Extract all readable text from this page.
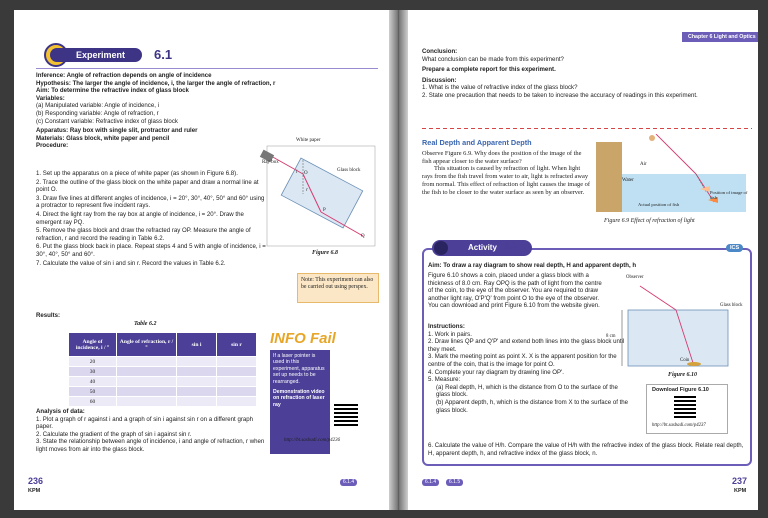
Experiment	6.1
Inference: Angle of refraction depends on angle of incidence
Hypothesis: The larger the angle of incidence, i, the larger the angle of refraction, r
Aim: To determine the refractive index of glass block
Variables:
(a) Manipulated variable: Angle of incidence, i
(b) Responding variable: Angle of refraction, r
(c) Constant variable: Refractive index of glass block
Apparatus: Ray box with single slit, protractor and ruler
Materials: Glass block, white paper and pencil
Procedure:
1. Set up the apparatus on a piece of white paper (as shown in Figure 6.8).
2. Trace the outline of the glass block on the white paper and draw a normal line at point O.
3. Draw five lines at different angles of incidence, i = 20°, 30°, 40°, 50° and 60° using a protractor to represent five incident rays.
4. Direct the light ray from the ray box at angle of incidence, i = 20°. Draw the emergent ray PQ.
5. Remove the glass block and draw the refracted ray OP. Measure the angle of refraction, r and record the reading in Table 6.2.
6. Put the glass block back in place. Repeat steps 4 and 5 with angle of incidence, i = 30°, 40°, 50° and 60°.
7. Calculate the value of sin i and sin r. Record the values in Table 6.2.
White paper
Ray box
Glass block
O
P
Q
i
r
Figure 6.8
Note: This experiment can also be carried out using perspex.
Results:
Table 6.2
Angle of incidence, i / °	Angle of refraction, r / °	sin i	sin r
20			
30			
40			
50			
60			
INFO Fail
If a laser pointer is used in this experiment, apparatus set up needs to be rearranged.
Demonstration video on refraction of laser ray
http://bt.sasbadi.com/p4236
Analysis of data:
1. Plot a graph of r against i and a graph of sin i against sin r on a different graph paper.
2. Calculate the gradient of the graph of sin i against sin r.
3. State the relationship between angle of incidence, i and angle of refraction, r when light moves from air into the glass block.
236
KPM
6.1.4
Chapter 6 Light and Optics
Conclusion:
What conclusion can be made from this experiment?
Prepare a complete report for this experiment.
Discussion:
1. What is the value of refractive index of the glass block?
2. State one precaution that needs to be taken to increase the accuracy of readings in this experiment.
Real Depth and Apparent Depth
Observe Figure 6.9. Why does the position of the image of the fish appear closer to the water surface?
This situation is caused by refraction of light. When light rays from the fish travel from water to air, light is refracted away from normal. This effect of refraction of light causes the image of the fish to be closer to the water surface as seen by an observer.
Air
Water
Position of image of fish
Actual position of fish
Figure 6.9 Effect of refraction of light
Activity 6.2	ICS
Aim: To draw a ray diagram to show real depth, H and apparent depth, h
Figure 6.10 shows a coin, placed under a glass block with a thickness of 8.0 cm. Ray OPQ is the path of light from the centre of the coin, to the eye of the observer. You are required to draw another light ray, O'P'Q' from point O to the eye of the observer. You can download and print Figure 6.10 from the website given.
Instructions:
1. Work in pairs.
2. Draw lines QP and Q'P' and extend both lines into the glass block until they meet.
3. Mark the meeting point as point X. X is the apparent position for the centre of the coin, that is the image for point O.
4. Complete your ray diagram by drawing line OP'.
5. Measure:
(a) Real depth, H, which is the distance from O to the surface of the glass block.
(b) Apparent depth, h, which is the distance from X to the surface of the glass block.
6. Calculate the value of H/h. Compare the value of H/h with the refractive index of the glass block. Relate real depth, H, apparent depth, h, and refractive index of the glass block, n.
Observer
Glass block
8 cm
Coin
Figure 6.10
Download Figure 6.10
http://bt.sasbadi.com/p4237
6.1.4	6.1.5	237
KPM
